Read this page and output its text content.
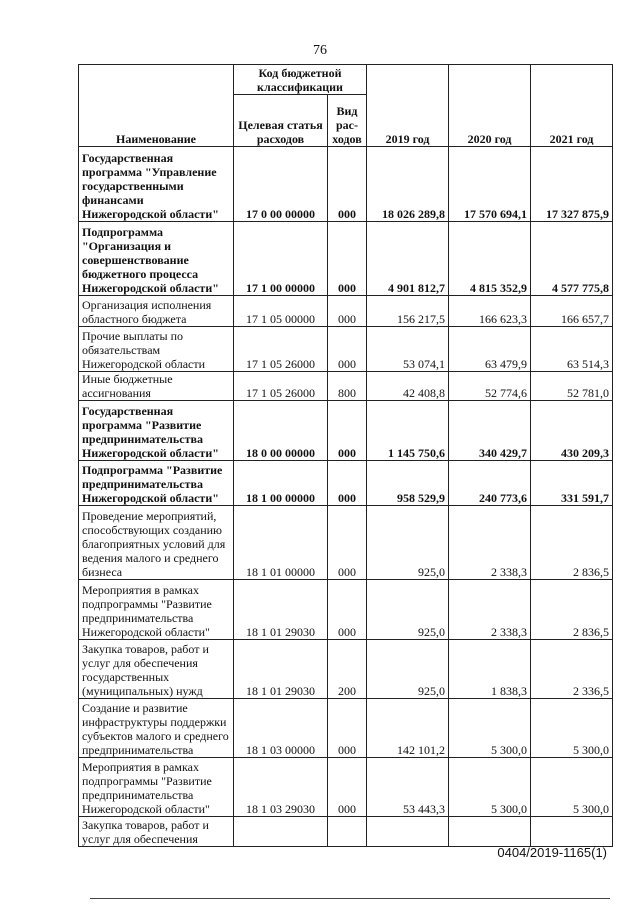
76
Наименование	Код бюджетной классификации		2019 год	2020 год	2021 год
	Целевая статья расходов	Вид рас-ходов			
Государственная программа "Управление государственными финансами Нижегородской области"	17 0 00 00000	000	18 026 289,8	17 570 694,1	17 327 875,9
Подпрограмма "Организация и совершенствование бюджетного процесса Нижегородской области"	17 1 00 00000	000	4 901 812,7	4 815 352,9	4 577 775,8
Организация исполнения областного бюджета	17 1 05 00000	000	156 217,5	166 623,3	166 657,7
Прочие выплаты по обязательствам Нижегородской области	17 1 05 26000	000	53 074,1	63 479,9	63 514,3
Иные бюджетные ассигнования	17 1 05 26000	800	42 408,8	52 774,6	52 781,0
Государственная программа "Развитие предпринимательства Нижегородской области"	18 0 00 00000	000	1 145 750,6	340 429,7	430 209,3
Подпрограмма "Развитие предпринимательства Нижегородской области"	18 1 00 00000	000	958 529,9	240 773,6	331 591,7
Проведение мероприятий, способствующих созданию благоприятных условий для ведения малого и среднего бизнеса	18 1 01 00000	000	925,0	2 338,3	2 836,5
Мероприятия в рамках подпрограммы "Развитие предпринимательства Нижегородской области"	18 1 01 29030	000	925,0	2 338,3	2 836,5
Закупка товаров, работ и услуг для обеспечения государственных (муниципальных) нужд	18 1 01 29030	200	925,0	1 838,3	2 336,5
Создание и развитие инфраструктуры поддержки субъектов малого и среднего предпринимательства	18 1 03 00000	000	142 101,2	5 300,0	5 300,0
Мероприятия в рамках подпрограммы "Развитие предпринимательства Нижегородской области"	18 1 03 29030	000	53 443,3	5 300,0	5 300,0
Закупка товаров, работ и услуг для обеспечения					
0404/2019-1165(1)
